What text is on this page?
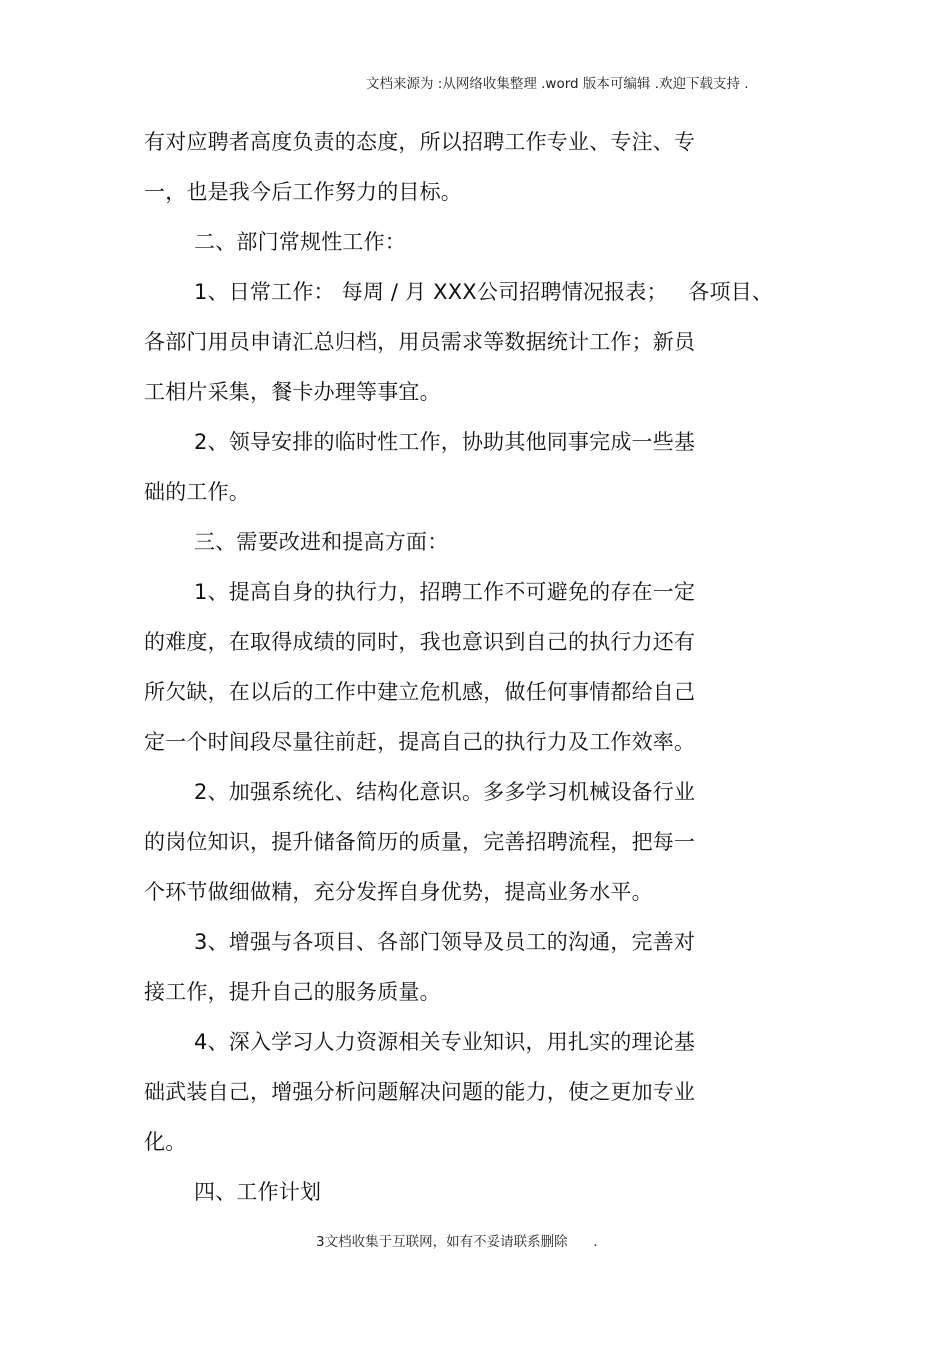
文档来源为 :从网络收集整理 .word 版本可编辑 .欢迎下载支持 .
有对应聘者高度负责的态度，所以招聘工作专业、专注、专
一，也是我今后工作努力的目标。
二、部门常规性工作：
1、日常工作： 每周 / 月 XXX公司招聘情况报表；   各项目、
各部门用员申请汇总归档，用员需求等数据统计工作；新员
工相片采集，餐卡办理等事宜。
2、领导安排的临时性工作，协助其他同事完成一些基
础的工作。
三、需要改进和提高方面：
1、提高自身的执行力，招聘工作不可避免的存在一定
的难度，在取得成绩的同时，我也意识到自己的执行力还有
所欠缺，在以后的工作中建立危机感，做任何事情都给自己
定一个时间段尽量往前赶，提高自己的执行力及工作效率。
2、加强系统化、结构化意识。多多学习机械设备行业
的岗位知识，提升储备简历的质量，完善招聘流程，把每一
个环节做细做精，充分发挥自身优势，提高业务水平。
3、增强与各项目、各部门领导及员工的沟通，完善对
接工作，提升自己的服务质量。
4、深入学习人力资源相关专业知识，用扎实的理论基
础武装自己，增强分析问题解决问题的能力，使之更加专业
化。
四、工作计划
3文档收集于互联网，如有不妥请联系删除      .
